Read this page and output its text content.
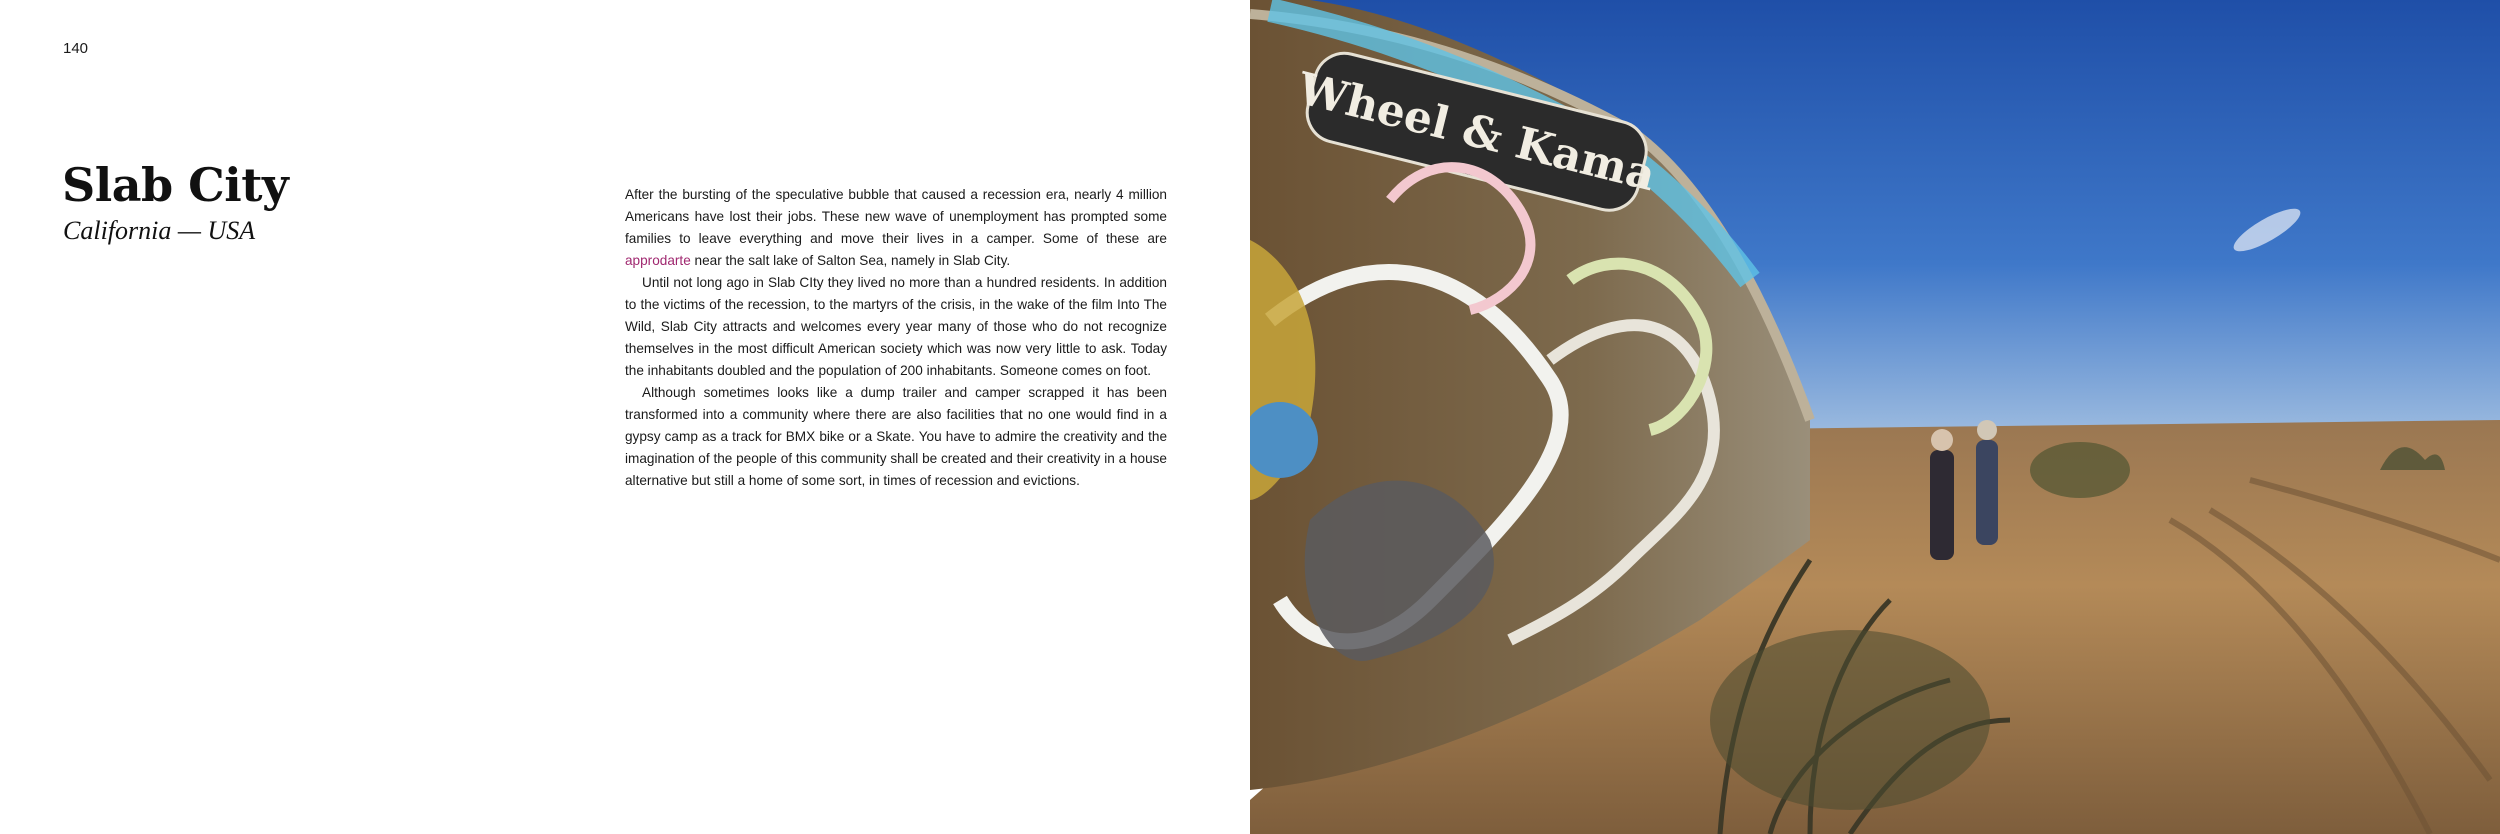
140
Slab City
California — USA

After the bursting of the speculative bubble that caused a recession era, nearly 4 million Americans have lost their jobs. These new wave of unemployment has prompted some families to leave everything and move their lives in a camper. Some of these are approdarte near the salt lake of Salton Sea, namely in Slab City.

Until not long ago in Slab CIty they lived no more than a hundred residents. In addition to the victims of the recession, to the martyrs of the crisis, in the wake of the film Into The Wild, Slab City attracts and welcomes every year many of those who do not recognize themselves in the most difficult American society which was now very little to ask. Today the inhabitants doubled and the population of 200 inhabitants. Someone comes on foot.

Although sometimes looks like a dump trailer and camper scrapped it has been transformed into a community where there are also facilities that no one would find in a gypsy camp as a track for BMX bike or a Skate. You have to admire the creativity and the imagination of the people of this community shall be created and their creativity in a house alternative but still a home of some sort, in times of recession and evictions.

Wheel & Kama
